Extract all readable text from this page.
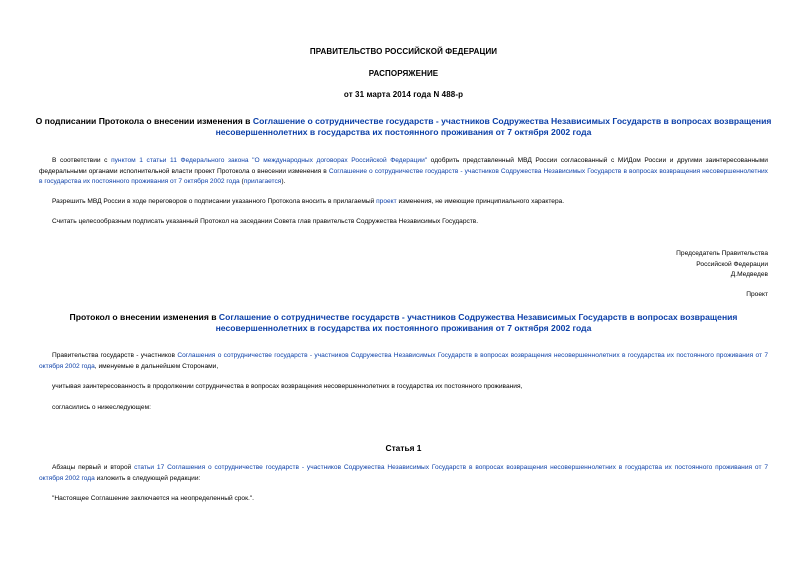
ПРАВИТЕЛЬСТВО РОССИЙСКОЙ ФЕДЕРАЦИИ
РАСПОРЯЖЕНИЕ
от 31 марта 2014 года N 488-р
О подписании Протокола о внесении изменения в Соглашение о сотрудничестве государств - участников Содружества Независимых Государств в вопросах возвращения несовершеннолетних в государства их постоянного проживания от 7 октября 2002 года
В соответствии с пунктом 1 статьи 11 Федерального закона "О международных договорах Российской Федерации" одобрить представленный МВД России согласованный с МИДом России и другими заинтересованными федеральными органами исполнительной власти проект Протокола о внесении изменения в Соглашение о сотрудничестве государств - участников Содружества Независимых Государств в вопросах возвращения несовершеннолетних в государства их постоянного проживания от 7 октября 2002 года (прилагается).
Разрешить МВД России в ходе переговоров о подписании указанного Протокола вносить в прилагаемый проект изменения, не имеющие принципиального характера.
Считать целесообразным подписать указанный Протокол на заседании Совета глав правительств Содружества Независимых Государств.
Председатель Правительства
Российской Федерации
Д.Медведев
Проект
Протокол о внесении изменения в Соглашение о сотрудничестве государств - участников Содружества Независимых Государств в вопросах возвращения несовершеннолетних в государства их постоянного проживания от 7 октября 2002 года
Правительства государств - участников Соглашения о сотрудничестве государств - участников Содружества Независимых Государств в вопросах возвращения несовершеннолетних в государства их постоянного проживания от 7 октября 2002 года, именуемые в дальнейшем Сторонами,
учитывая заинтересованность в продолжении сотрудничества в вопросах возвращения несовершеннолетних в государства их постоянного проживания,
согласились о нижеследующем:
Статья 1
Абзацы первый и второй статьи 17 Соглашения о сотрудничестве государств - участников Содружества Независимых Государств в вопросах возвращения несовершеннолетних в государства их постоянного проживания от 7 октября 2002 года изложить в следующей редакции:
"Настоящее Соглашение заключается на неопределенный срок.".
